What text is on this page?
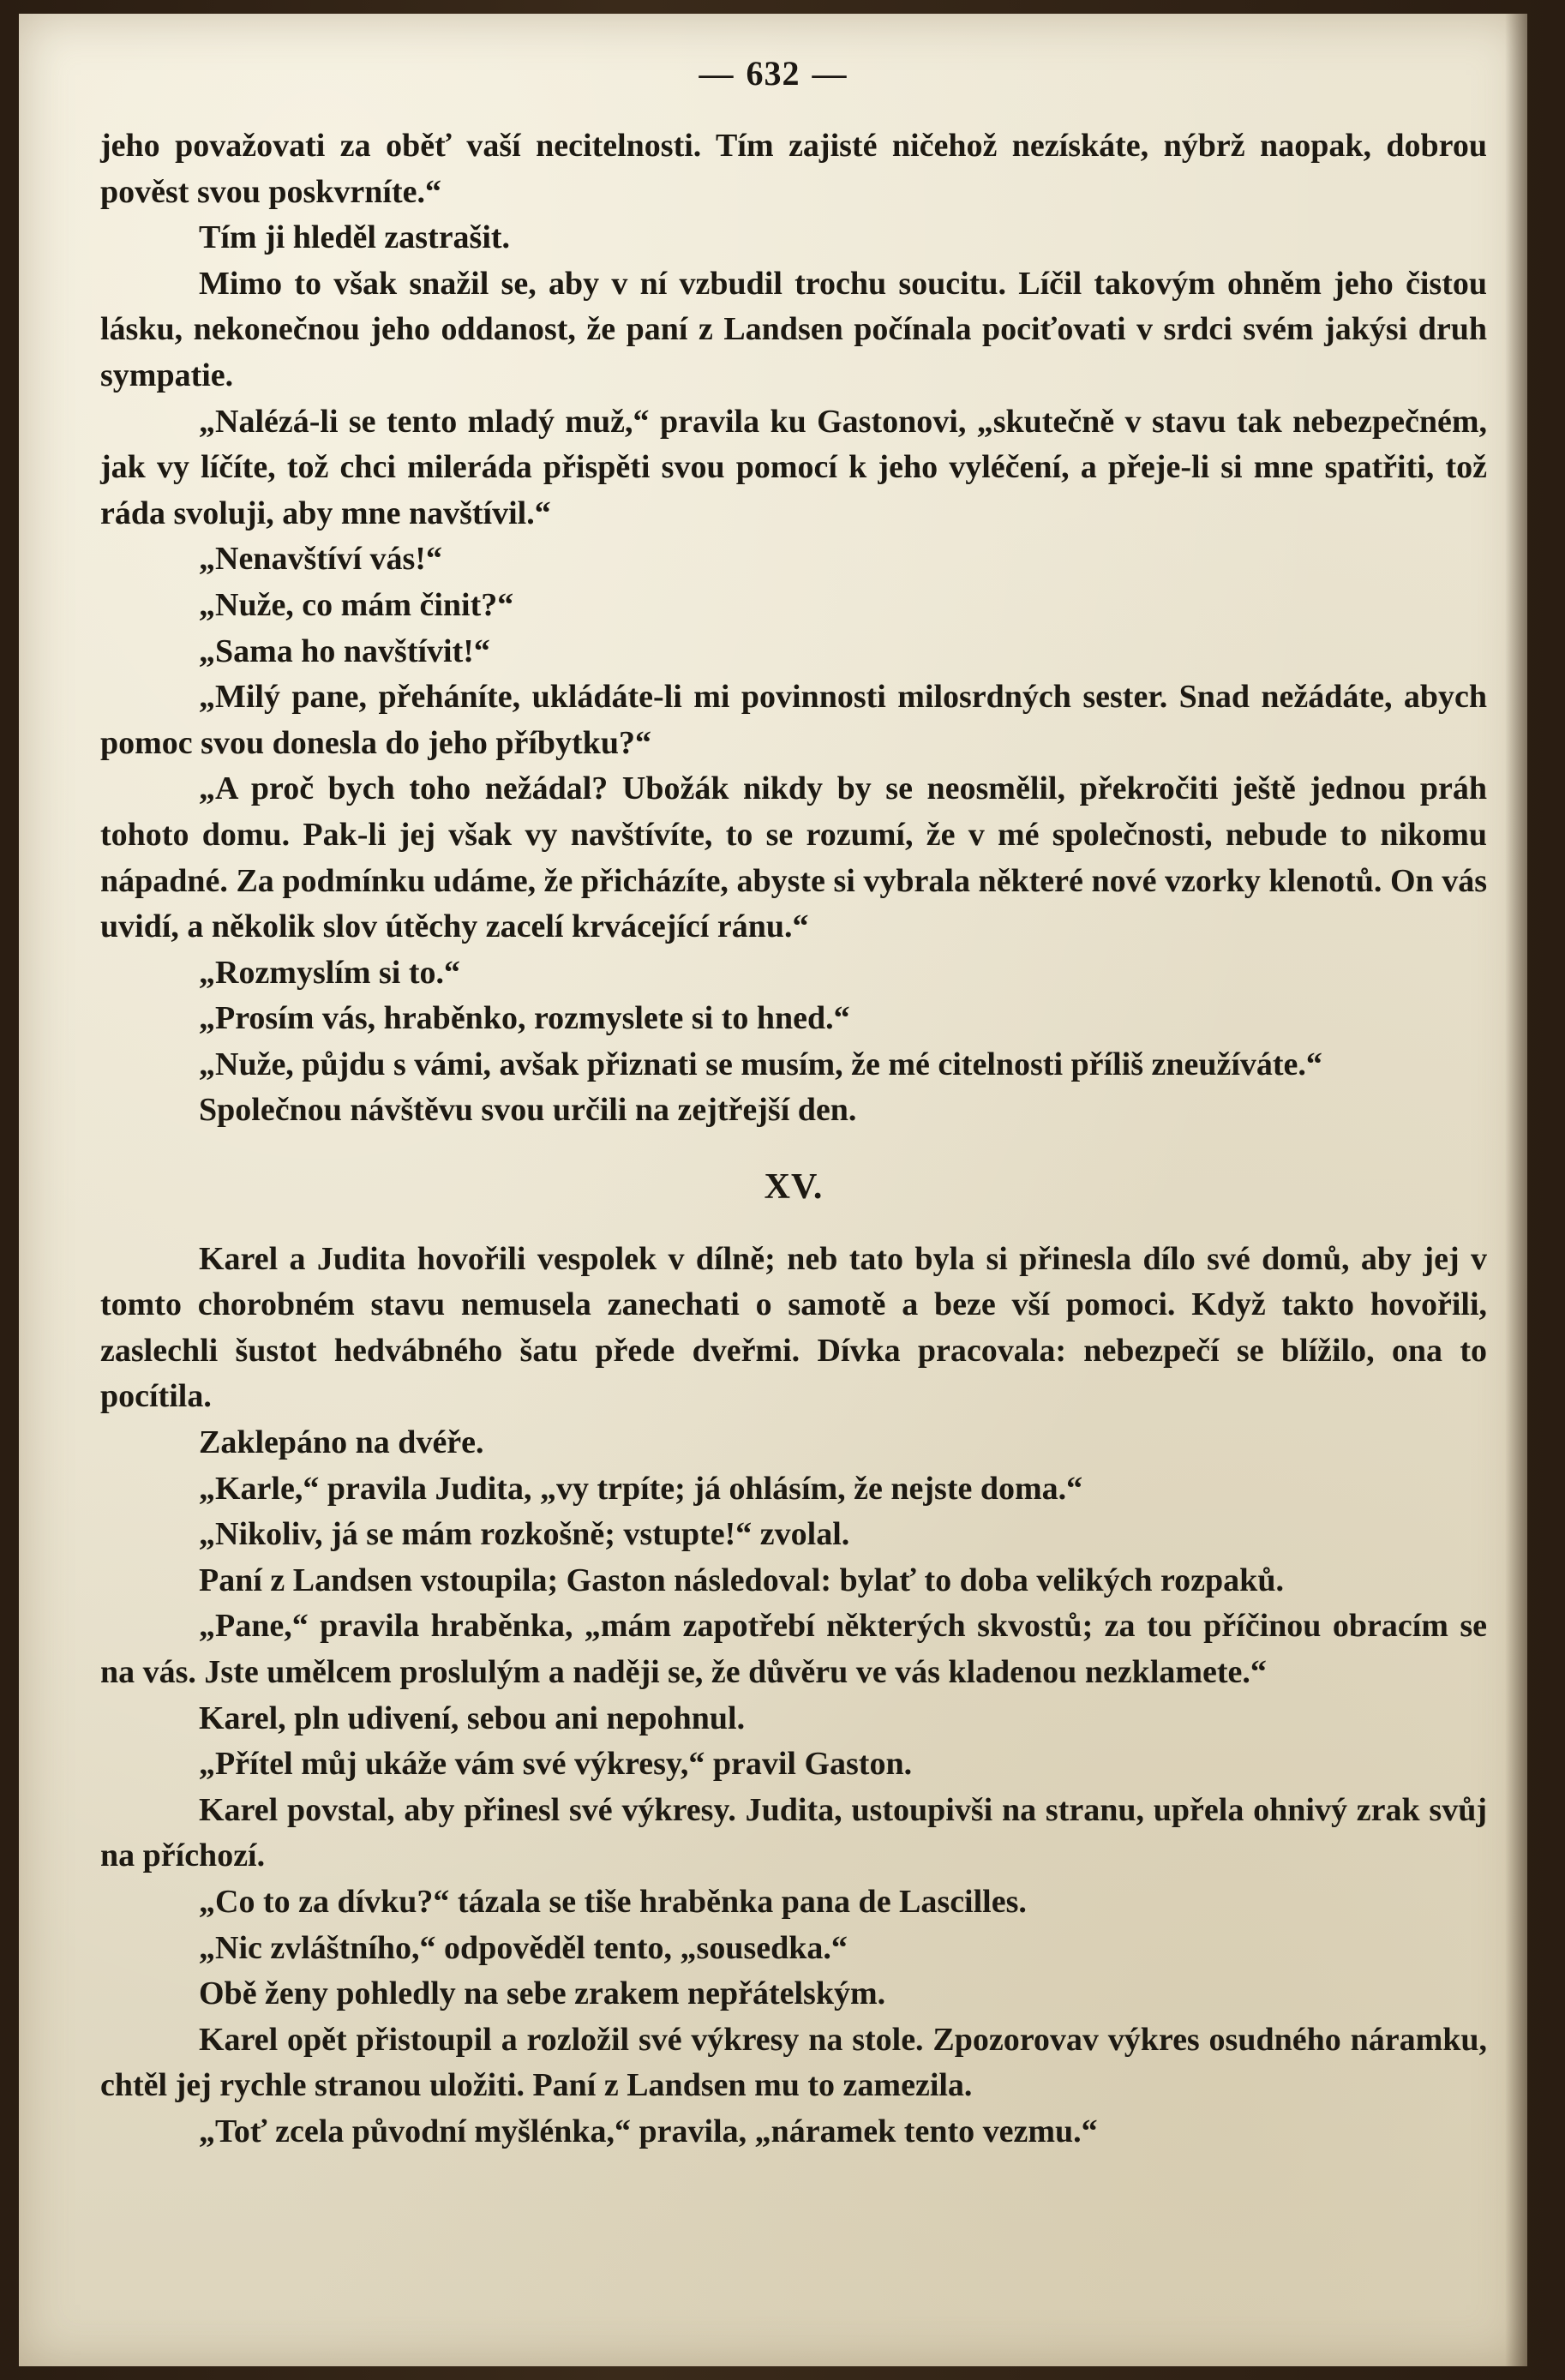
— 632 —

jeho považovati za oběť vaší necitelnosti. Tím zajisté ničehož nezískáte, nýbrž naopak, dobrou pověst svou poskvrníte.“

Tím ji hleděl zastrašit.

Mimo to však snažil se, aby v ní vzbudil trochu soucitu. Líčil takovým ohněm jeho čistou lásku, nekonečnou jeho oddanost, že paní z Landsen počínala pociťovati v srdci svém jakýsi druh sympatie.

„Nalézá-li se tento mladý muž,“ pravila ku Gastonovi, „skutečně v stavu tak nebezpečném, jak vy líčíte, tož chci mileráda přispěti svou pomocí k jeho vyléčení, a přeje-li si mne spatřiti, tož ráda svoluji, aby mne navštívil.“

„Nenavštíví vás!“

„Nuže, co mám činit?“

„Sama ho navštívit!“

„Milý pane, přeháníte, ukládáte-li mi povinnosti milosrdných sester. Snad nežádáte, abych pomoc svou donesla do jeho příbytku?“

„A proč bych toho nežádal? Ubožák nikdy by se neosmělil, překročiti ještě jednou práh tohoto domu. Pak-li jej však vy navštívíte, to se rozumí, že v mé společnosti, nebude to nikomu nápadné. Za podmínku udáme, že přicházíte, abyste si vybrala některé nové vzorky klenotů. On vás uvidí, a několik slov útěchy zacelí krvácející ránu.“

„Rozmyslím si to.“

„Prosím vás, hraběnko, rozmyslete si to hned.“

„Nuže, půjdu s vámi, avšak přiznati se musím, že mé citelnosti příliš zneužíváte.“

Společnou návštěvu svou určili na zejtřejší den.

XV.

Karel a Judita hovořili vespolek v dílně; neb tato byla si přinesla dílo své domů, aby jej v tomto chorobném stavu nemusela zanechati o samotě a beze vší pomoci. Když takto hovořili, zaslechli šustot hedvábného šatu přede dveřmi. Dívka pracovala: nebezpečí se blížilo, ona to pocítila.

Zaklepáno na dvéře.

„Karle,“ pravila Judita, „vy trpíte; já ohlásím, že nejste doma.“

„Nikoliv, já se mám rozkošně; vstupte!“ zvolal.

Paní z Landsen vstoupila; Gaston následoval: bylať to doba velikých rozpaků.

„Pane,“ pravila hraběnka, „mám zapotřebí některých skvostů; za tou příčinou obracím se na vás. Jste umělcem proslulým a naději se, že důvěru ve vás kladenou nezklamete.“

Karel, pln udivení, sebou ani nepohnul.

„Přítel můj ukáže vám své výkresy,“ pravil Gaston.

Karel povstal, aby přinesl své výkresy. Judita, ustoupivši na stranu, upřela ohnivý zrak svůj na příchozí.

„Co to za dívku?“ tázala se tiše hraběnka pana de Lascilles.

„Nic zvláštního,“ odpověděl tento, „sousedka.“

Obě ženy pohledly na sebe zrakem nepřátelským.

Karel opět přistoupil a rozložil své výkresy na stole. Zpozorovav výkres osudného náramku, chtěl jej rychle stranou uložiti. Paní z Landsen mu to zamezila.

„Toť zcela původní myšlénka,“ pravila, „náramek tento vezmu.“
